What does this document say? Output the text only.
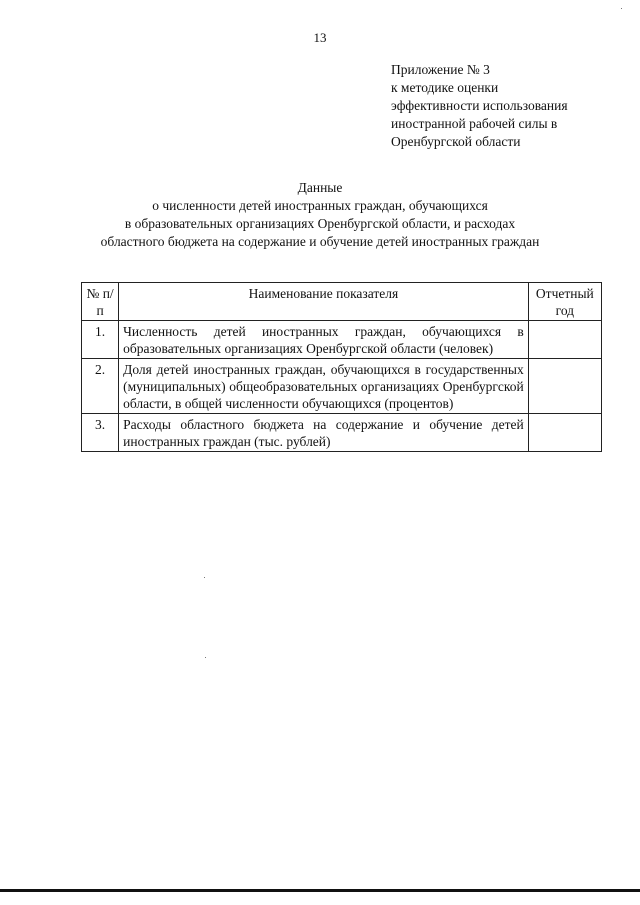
13
Приложение № 3
к методике оценки
эффективности использования
иностранной рабочей силы в
Оренбургской области
Данные
о численности детей иностранных граждан, обучающихся
в образовательных организациях Оренбургской области, и расходах
областного бюджета на содержание и обучение детей иностранных граждан
№ п/п	Наименование показателя	Отчетный год
1.	Численность детей иностранных граждан, обучающихся в образовательных организациях Оренбургской области (человек)	
2.	Доля детей иностранных граждан, обучающихся в государственных (муниципальных) общеобразовательных организациях Оренбургской области, в общей численности обучающихся (процентов)	
3.	Расходы областного бюджета на содержание и обучение детей иностранных граждан (тыс. рублей)	
